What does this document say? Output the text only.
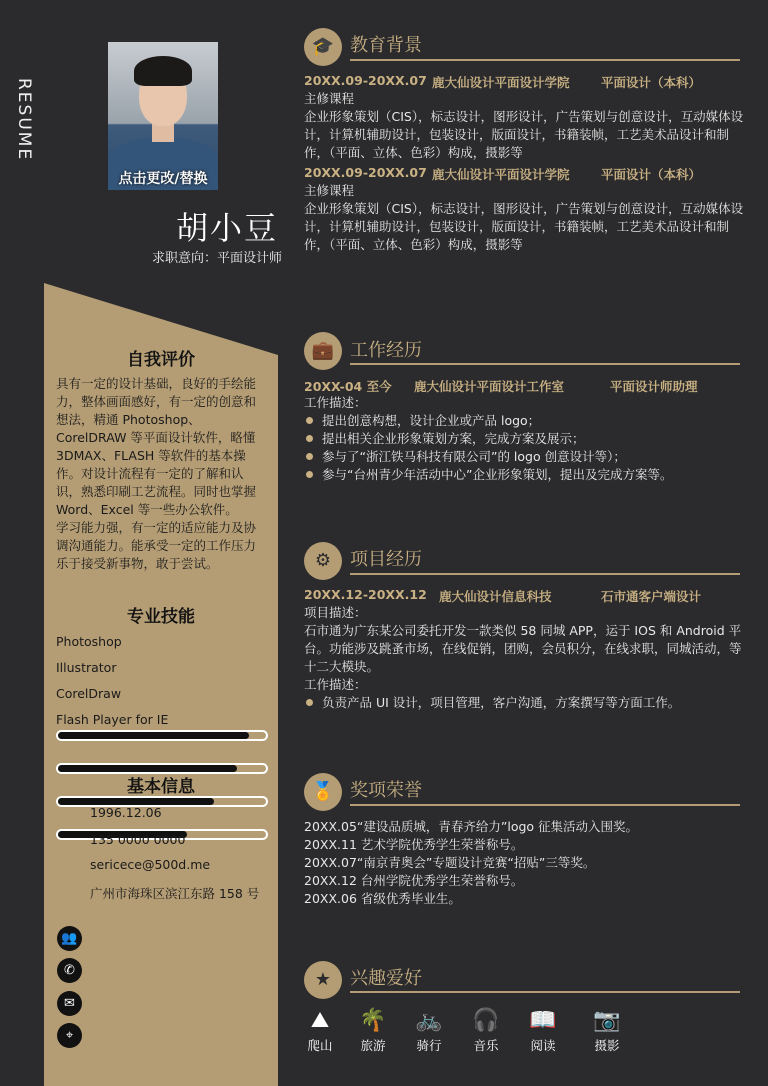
RESUME
点击更改/替换
胡小豆
求职意向：平面设计师
自我评价
具有一定的设计基础，良好的手绘能力，整体画面感好，有一定的创意和想法，精通 Photoshop、CorelDRAW 等平面设计软件，略懂 3DMAX、FLASH 等软件的基本操作。对设计流程有一定的了解和认识，熟悉印刷工艺流程。同时也掌握 Word、Excel 等一些办公软件。
学习能力强，有一定的适应能力及协调沟通能力。能承受一定的工作压力乐于接受新事物，敢于尝试。
专业技能
Photoshop
Illustrator
CorelDraw
Flash Player for IE
基本信息
1996.12.06
135 0000 0000
sericece@500d.me
广州市海珠区滨江东路 158 号
👥
✆
✉
⌖
🎓 教育背景
20XX.09-20XX.07 鹿大仙设计平面设计学院	平面设计（本科）
主修课程
企业形象策划（CIS），标志设计，图形设计，广告策划与创意设计，互动媒体设计，计算机辅助设计，包装设计，版面设计，书籍装帧，工艺美术品设计和制作，（平面、立体、色彩）构成，摄影等
20XX.09-20XX.07 鹿大仙设计平面设计学院	平面设计（本科）
主修课程
企业形象策划（CIS），标志设计，图形设计，广告策划与创意设计，互动媒体设计，计算机辅助设计，包装设计，版面设计，书籍装帧，工艺美术品设计和制作，（平面、立体、色彩）构成，摄影等
💼 工作经历
20XX-04 至今 鹿大仙设计平面设计工作室	平面设计师助理
工作描述：
提出创意构想，设计企业或产品 logo；
提出相关企业形象策划方案，完成方案及展示；
参与了“浙江铁马科技有限公司”的 logo 创意设计等）；
参与“台州青少年活动中心”企业形象策划，提出及完成方案等。
⚙	项目经历
20XX.12-20XX.12 鹿大仙设计信息科技	石市通客户端设计
项目描述：
石市通为广东某公司委托开发一款类似 58 同城 APP，运于 IOS 和 Android 平台。功能涉及跳蚤市场，在线促销，团购，会员积分，在线求职，同城活动，等十二大模块。
工作描述：
负责产品 UI 设计，项目管理，客户沟通，方案撰写等方面工作。
🏅 奖项荣誉
20XX.05“建设品质城，青春齐给力”logo 征集活动入围奖。
20XX.11 艺术学院优秀学生荣誉称号。
20XX.07“南京青奥会”专题设计竞赛“招贴”三等奖。
20XX.12 台州学院优秀学生荣誉称号。
20XX.06 省级优秀毕业生。
★	兴趣爱好
⛰
爬山
🌴
旅游
🚲
骑行
🎧
音乐
📖
阅读
📷
摄影
